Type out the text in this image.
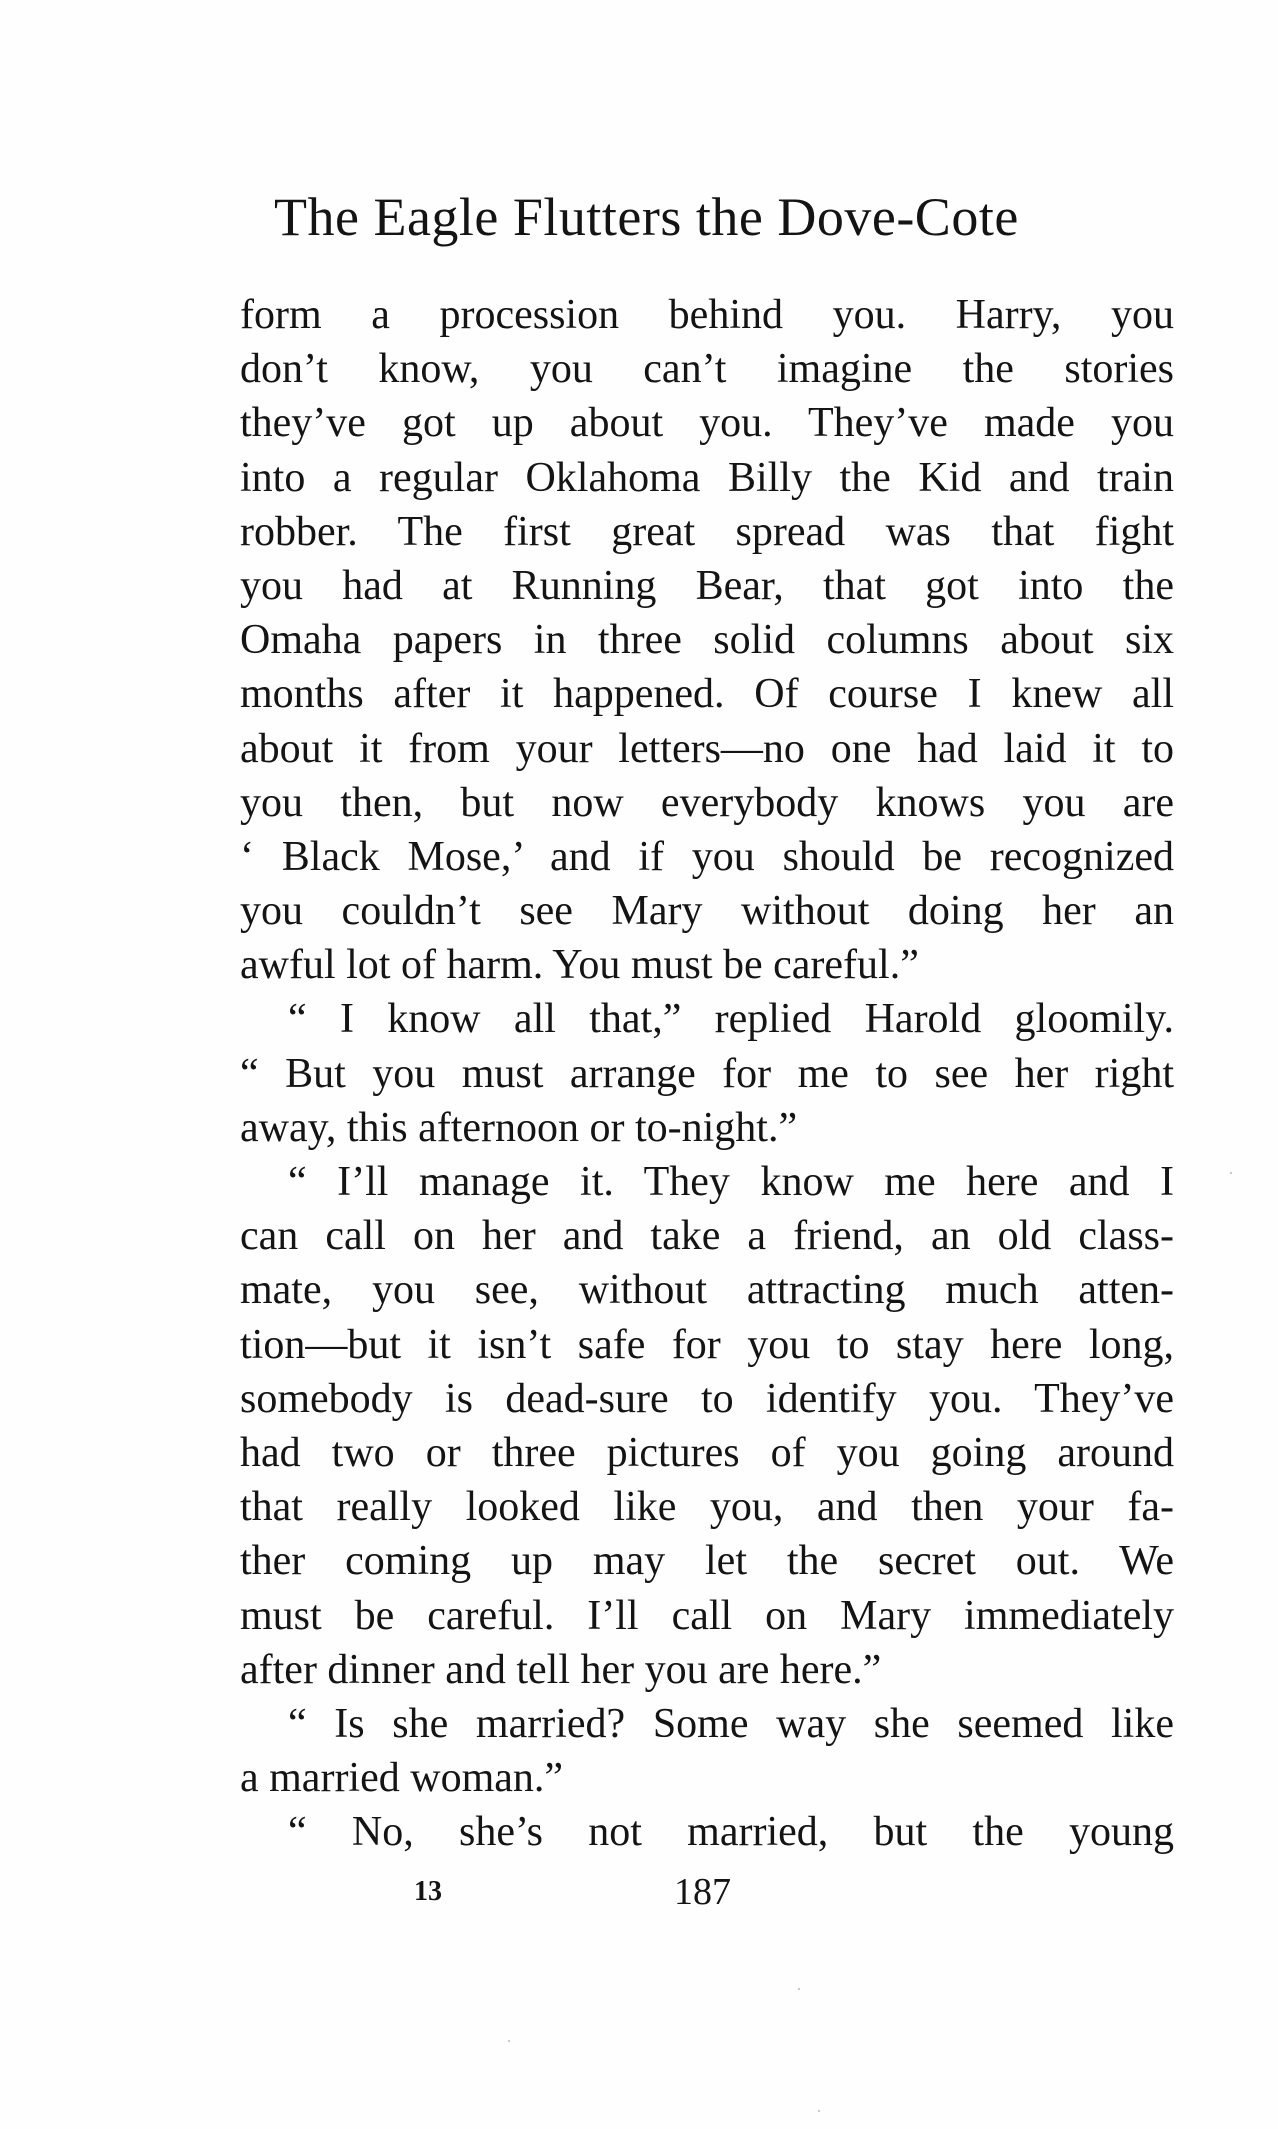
The Eagle Flutters the Dove-Cote
form a procession behind you. Harry, you
don’t know, you can’t imagine the stories
they’ve got up about you. They’ve made you
into a regular Oklahoma Billy the Kid and train
robber. The first great spread was that fight
you had at Running Bear, that got into the
Omaha papers in three solid columns about six
months after it happened. Of course I knew all
about it from your letters—no one had laid it to
you then, but now everybody knows you are
‘ Black Mose,’ and if you should be recognized
you couldn’t see Mary without doing her an
awful lot of harm. You must be careful.”
“ I know all that,” replied Harold gloomily.
“ But you must arrange for me to see her right
away, this afternoon or to-night.”
“ I’ll manage it. They know me here and I
can call on her and take a friend, an old class-
mate, you see, without attracting much atten-
tion—but it isn’t safe for you to stay here long,
somebody is dead-sure to identify you. They’ve
had two or three pictures of you going around
that really looked like you, and then your fa-
ther coming up may let the secret out. We
must be careful. I’ll call on Mary immediately
after dinner and tell her you are here.”
“ Is she married? Some way she seemed like
a married woman.”
“ No, she’s not married, but the young
13	187
